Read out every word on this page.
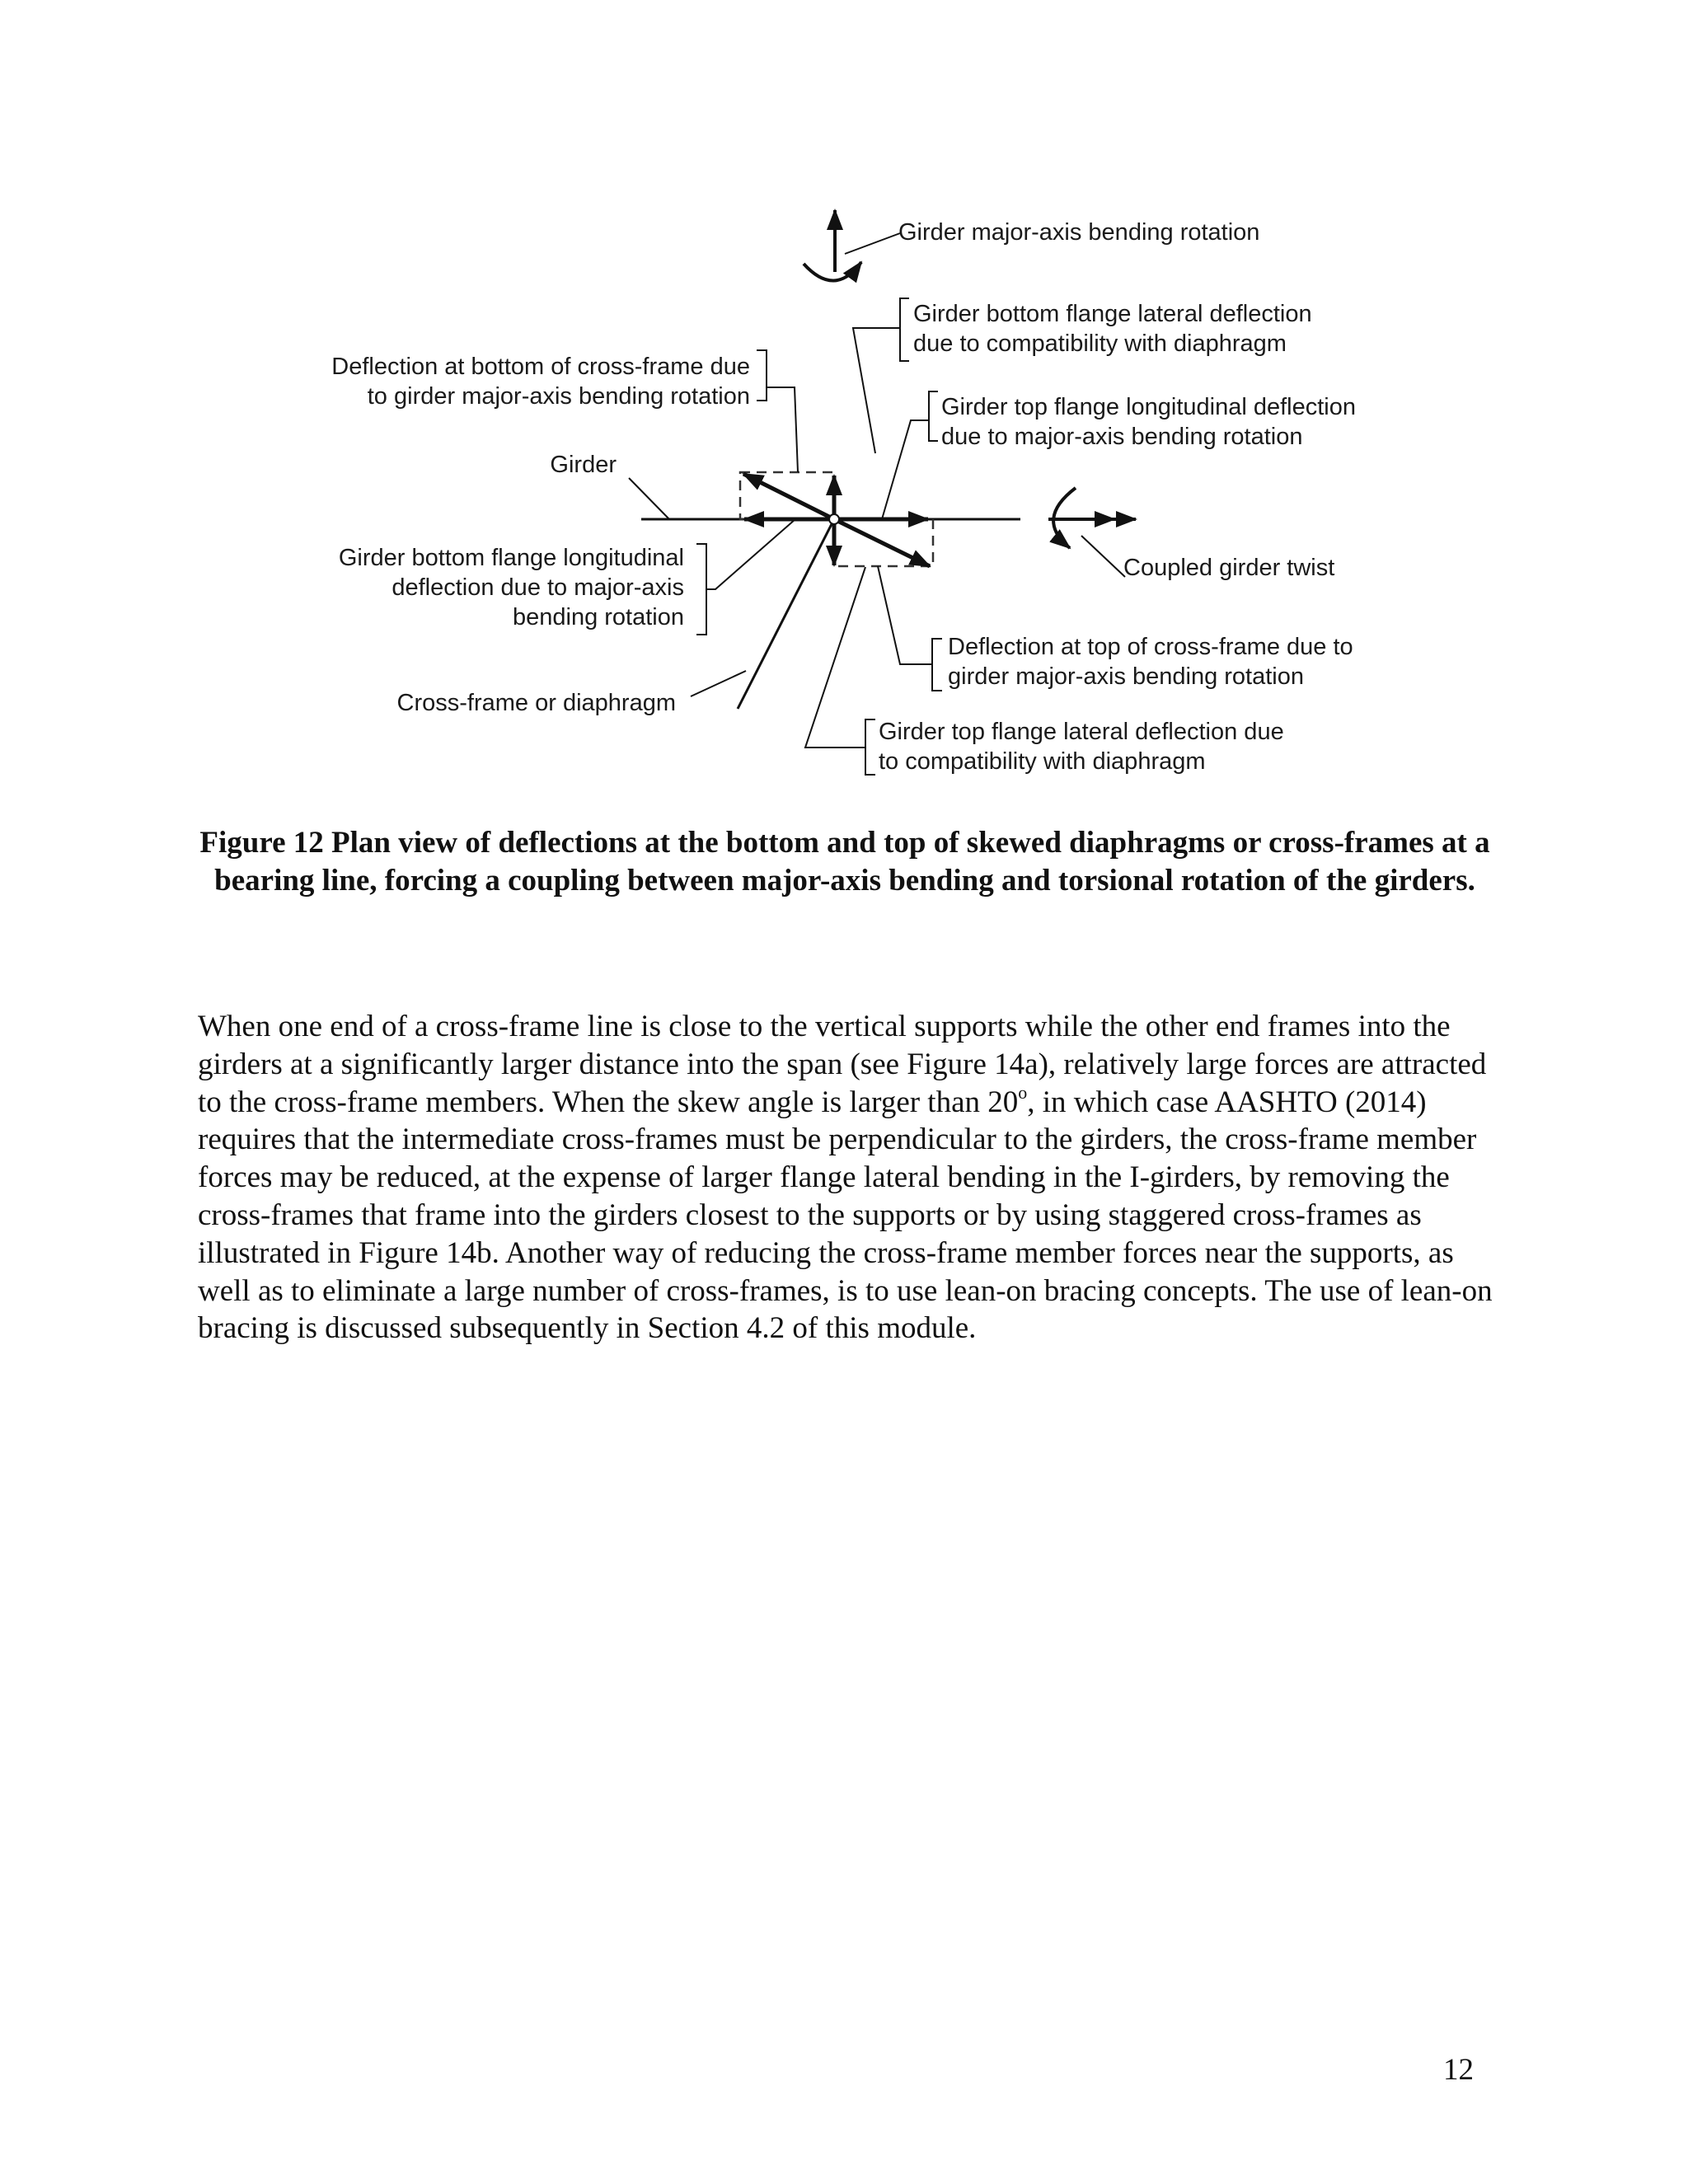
Girder major-axis bending rotation
Girder bottom flange lateral deflection
due to compatibility with diaphragm
Deflection at bottom of cross-frame due
to girder major-axis bending rotation	Girder top flange longitudinal deflection
due to major-axis bending rotation
Girder
Coupled girder twist
Girder bottom flange longitudinal
deflection due to major-axis
bending rotation
Deflection at top of cross-frame due to
girder major-axis bending rotation
Cross-frame or diaphragm
Girder top flange lateral deflection due
to compatibility with diaphragm
Figure 12 Plan view of deflections at the bottom and top of skewed diaphragms or cross-frames at a bearing line, forcing a coupling between major-axis bending and torsional rotation of the girders.

When one end of a cross-frame line is close to the vertical supports while the other end frames into the girders at a significantly larger distance into the span (see Figure 14a), relatively large forces are attracted to the cross-frame members. When the skew angle is larger than 20$^o$, in which case AASHTO (2014) requires that the intermediate cross-frames must be perpendicular to the girders, the cross-frame member forces may be reduced, at the expense of larger flange lateral bending in the I-girders, by removing the cross-frames that frame into the girders closest to the supports or by using staggered cross-frames as illustrated in Figure 14b. Another way of reducing the cross-frame member forces near the supports, as well as to eliminate a large number of cross-frames, is to use lean-on bracing concepts. The use of lean-on bracing is discussed subsequently in Section 4.2 of this module.

12
